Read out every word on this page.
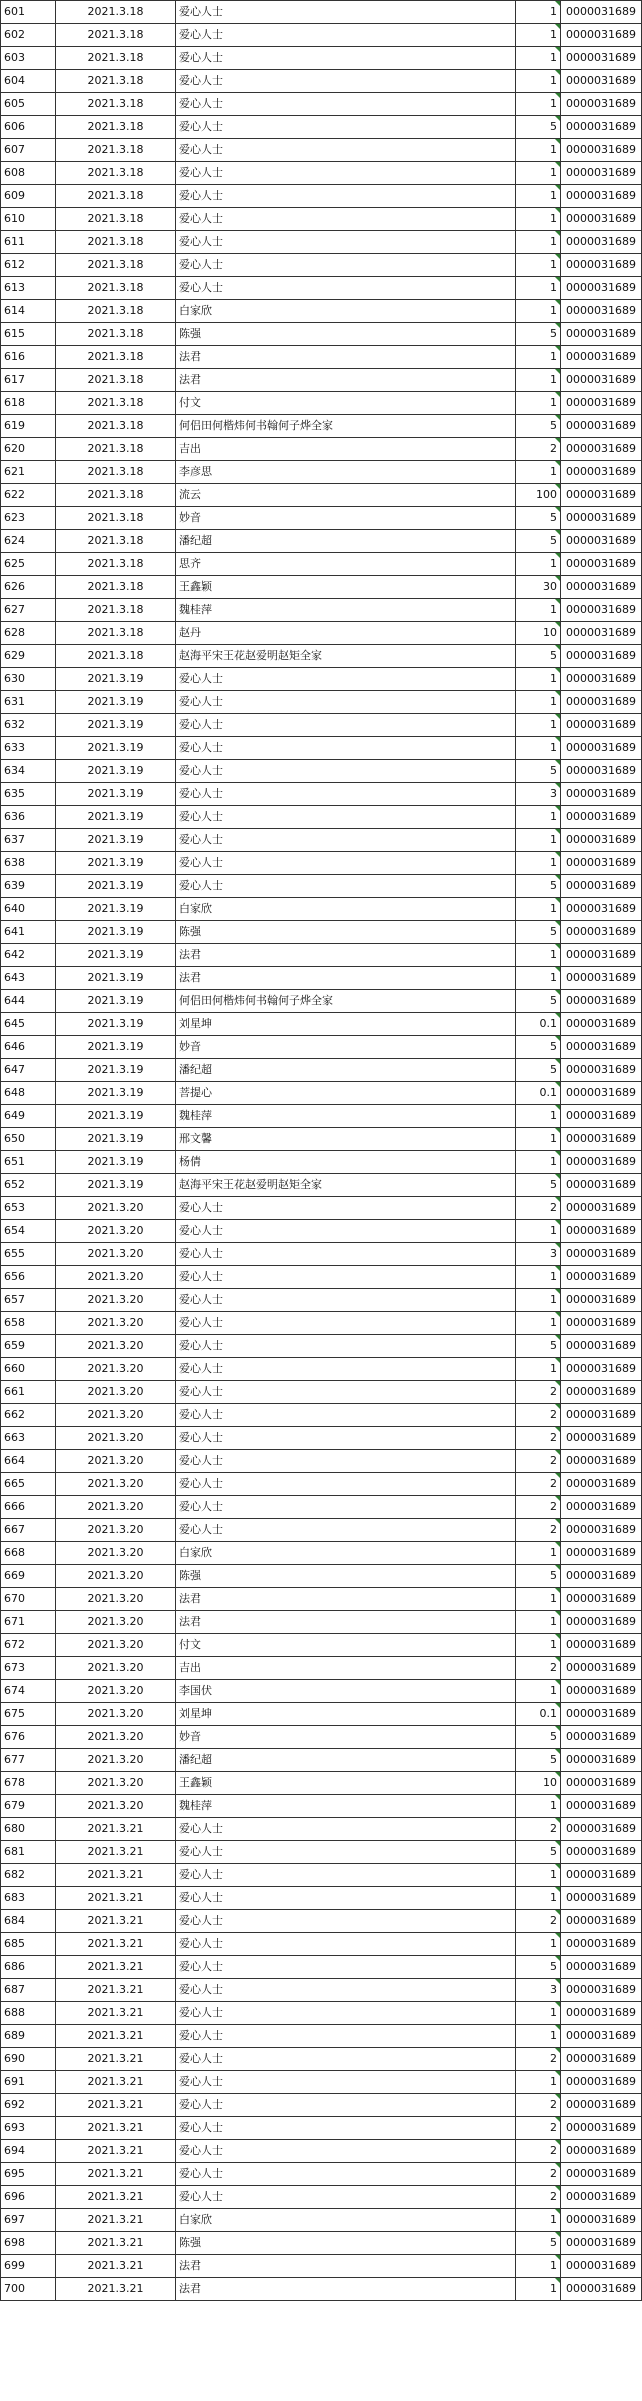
601	2021.3.18	爱心人士	1	0000031689
602	2021.3.18	爱心人士	1	0000031689
603	2021.3.18	爱心人士	1	0000031689
604	2021.3.18	爱心人士	1	0000031689
605	2021.3.18	爱心人士	1	0000031689
606	2021.3.18	爱心人士	5	0000031689
607	2021.3.18	爱心人士	1	0000031689
608	2021.3.18	爱心人士	1	0000031689
609	2021.3.18	爱心人士	1	0000031689
610	2021.3.18	爱心人士	1	0000031689
611	2021.3.18	爱心人士	1	0000031689
612	2021.3.18	爱心人士	1	0000031689
613	2021.3.18	爱心人士	1	0000031689
614	2021.3.18	白家欣	1	0000031689
615	2021.3.18	陈强	5	0000031689
616	2021.3.18	法君	1	0000031689
617	2021.3.18	法君	1	0000031689
618	2021.3.18	付文	1	0000031689
619	2021.3.18	何侣田何楷炜何书翰何子烨全家	5	0000031689
620	2021.3.18	吉出	2	0000031689
621	2021.3.18	李彦思	1	0000031689
622	2021.3.18	流云	100	0000031689
623	2021.3.18	妙音	5	0000031689
624	2021.3.18	潘纪超	5	0000031689
625	2021.3.18	思齐	1	0000031689
626	2021.3.18	王鑫颖	30	0000031689
627	2021.3.18	魏桂萍	1	0000031689
628	2021.3.18	赵丹	10	0000031689
629	2021.3.18	赵海平宋王花赵爱明赵矩全家	5	0000031689
630	2021.3.19	爱心人士	1	0000031689
631	2021.3.19	爱心人士	1	0000031689
632	2021.3.19	爱心人士	1	0000031689
633	2021.3.19	爱心人士	1	0000031689
634	2021.3.19	爱心人士	5	0000031689
635	2021.3.19	爱心人士	3	0000031689
636	2021.3.19	爱心人士	1	0000031689
637	2021.3.19	爱心人士	1	0000031689
638	2021.3.19	爱心人士	1	0000031689
639	2021.3.19	爱心人士	5	0000031689
640	2021.3.19	白家欣	1	0000031689
641	2021.3.19	陈强	5	0000031689
642	2021.3.19	法君	1	0000031689
643	2021.3.19	法君	1	0000031689
644	2021.3.19	何侣田何楷炜何书翰何子烨全家	5	0000031689
645	2021.3.19	刘星坤	0.1	0000031689
646	2021.3.19	妙音	5	0000031689
647	2021.3.19	潘纪超	5	0000031689
648	2021.3.19	菩提心	0.1	0000031689
649	2021.3.19	魏桂萍	1	0000031689
650	2021.3.19	邢文馨	1	0000031689
651	2021.3.19	杨倩	1	0000031689
652	2021.3.19	赵海平宋王花赵爱明赵矩全家	5	0000031689
653	2021.3.20	爱心人士	2	0000031689
654	2021.3.20	爱心人士	1	0000031689
655	2021.3.20	爱心人士	3	0000031689
656	2021.3.20	爱心人士	1	0000031689
657	2021.3.20	爱心人士	1	0000031689
658	2021.3.20	爱心人士	1	0000031689
659	2021.3.20	爱心人士	5	0000031689
660	2021.3.20	爱心人士	1	0000031689
661	2021.3.20	爱心人士	2	0000031689
662	2021.3.20	爱心人士	2	0000031689
663	2021.3.20	爱心人士	2	0000031689
664	2021.3.20	爱心人士	2	0000031689
665	2021.3.20	爱心人士	2	0000031689
666	2021.3.20	爱心人士	2	0000031689
667	2021.3.20	爱心人士	2	0000031689
668	2021.3.20	白家欣	1	0000031689
669	2021.3.20	陈强	5	0000031689
670	2021.3.20	法君	1	0000031689
671	2021.3.20	法君	1	0000031689
672	2021.3.20	付文	1	0000031689
673	2021.3.20	吉出	2	0000031689
674	2021.3.20	李国伏	1	0000031689
675	2021.3.20	刘星坤	0.1	0000031689
676	2021.3.20	妙音	5	0000031689
677	2021.3.20	潘纪超	5	0000031689
678	2021.3.20	王鑫颖	10	0000031689
679	2021.3.20	魏桂萍	1	0000031689
680	2021.3.21	爱心人士	2	0000031689
681	2021.3.21	爱心人士	5	0000031689
682	2021.3.21	爱心人士	1	0000031689
683	2021.3.21	爱心人士	1	0000031689
684	2021.3.21	爱心人士	2	0000031689
685	2021.3.21	爱心人士	1	0000031689
686	2021.3.21	爱心人士	5	0000031689
687	2021.3.21	爱心人士	3	0000031689
688	2021.3.21	爱心人士	1	0000031689
689	2021.3.21	爱心人士	1	0000031689
690	2021.3.21	爱心人士	2	0000031689
691	2021.3.21	爱心人士	1	0000031689
692	2021.3.21	爱心人士	2	0000031689
693	2021.3.21	爱心人士	2	0000031689
694	2021.3.21	爱心人士	2	0000031689
695	2021.3.21	爱心人士	2	0000031689
696	2021.3.21	爱心人士	2	0000031689
697	2021.3.21	白家欣	1	0000031689
698	2021.3.21	陈强	5	0000031689
699	2021.3.21	法君	1	0000031689
700	2021.3.21	法君	1	0000031689
